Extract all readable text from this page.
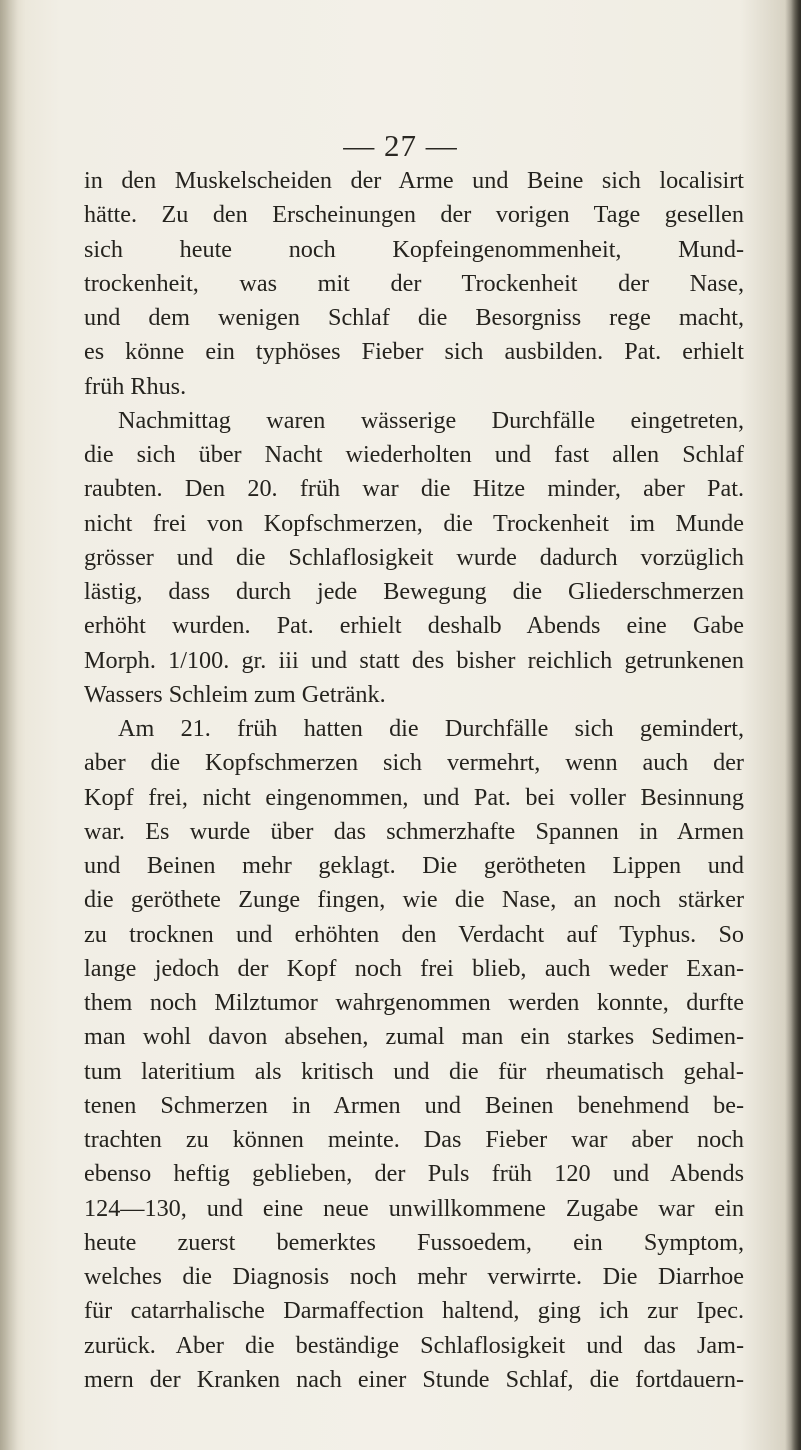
— 27 —
in den Muskelscheiden der Arme und Beine sich localisirt
hätte. Zu den Erscheinungen der vorigen Tage gesellen
sich heute noch Kopfeingenommenheit, Mund-
trockenheit, was mit der Trockenheit der Nase,
und dem wenigen Schlaf die Besorgniss rege macht,
es könne ein typhöses Fieber sich ausbilden. Pat. erhielt
früh Rhus.
Nachmittag waren wässerige Durchfälle eingetreten,
die sich über Nacht wiederholten und fast allen Schlaf
raubten. Den 20. früh war die Hitze minder, aber Pat.
nicht frei von Kopfschmerzen, die Trockenheit im Munde
grösser und die Schlaflosigkeit wurde dadurch vorzüglich
lästig, dass durch jede Bewegung die Gliederschmerzen
erhöht wurden. Pat. erhielt deshalb Abends eine Gabe
Morph. 1/100. gr. iii und statt des bisher reichlich getrunkenen
Wassers Schleim zum Getränk.
Am 21. früh hatten die Durchfälle sich gemindert,
aber die Kopfschmerzen sich vermehrt, wenn auch der
Kopf frei, nicht eingenommen, und Pat. bei voller Besinnung
war. Es wurde über das schmerzhafte Spannen in Armen
und Beinen mehr geklagt. Die gerötheten Lippen und
die geröthete Zunge fingen, wie die Nase, an noch stärker
zu trocknen und erhöhten den Verdacht auf Typhus. So
lange jedoch der Kopf noch frei blieb, auch weder Exan-
them noch Milztumor wahrgenommen werden konnte, durfte
man wohl davon absehen, zumal man ein starkes Sedimen-
tum lateritium als kritisch und die für rheumatisch gehal-
tenen Schmerzen in Armen und Beinen benehmend be-
trachten zu können meinte. Das Fieber war aber noch
ebenso heftig geblieben, der Puls früh 120 und Abends
124—130, und eine neue unwillkommene Zugabe war ein
heute zuerst bemerktes Fussoedem, ein Symptom,
welches die Diagnosis noch mehr verwirrte. Die Diarrhoe
für catarrhalische Darmaffection haltend, ging ich zur Ipec.
zurück. Aber die beständige Schlaflosigkeit und das Jam-
mern der Kranken nach einer Stunde Schlaf, die fortdauern-
